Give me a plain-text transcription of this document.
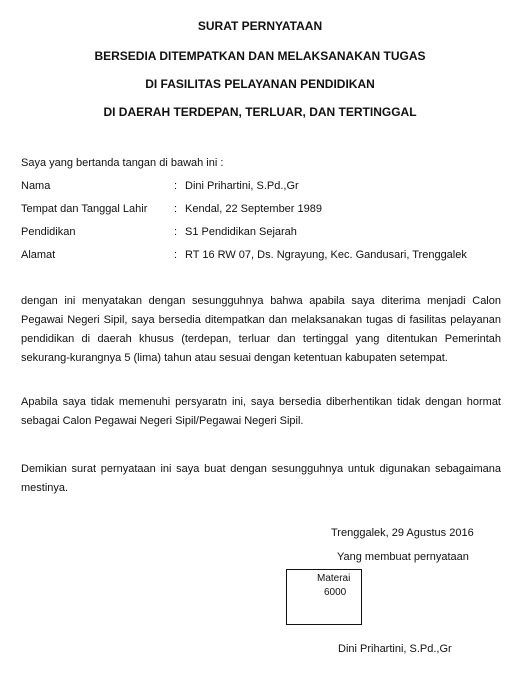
SURAT PERNYATAAN
BERSEDIA DITEMPATKAN DAN MELAKSANAKAN TUGAS
DI FASILITAS PELAYANAN PENDIDIKAN
DI DAERAH TERDEPAN, TERLUAR, DAN TERTINGGAL
Saya yang bertanda tangan di bawah ini :
Nama	: Dini Prihartini, S.Pd.,Gr
Tempat dan Tanggal Lahir : Kendal, 22 September 1989
Pendidikan	: S1 Pendidikan Sejarah
Alamat	: RT 16 RW 07, Ds. Ngrayung, Kec. Gandusari, Trenggalek
dengan ini menyatakan dengan sesungguhnya bahwa apabila saya diterima menjadi Calon Pegawai Negeri Sipil, saya bersedia ditempatkan dan melaksanakan tugas di fasilitas pelayanan pendidikan di daerah khusus (terdepan, terluar dan tertinggal yang ditentukan Pemerintah sekurang-kurangnya 5 (lima) tahun atau sesuai dengan ketentuan kabupaten setempat.
Apabila saya tidak memenuhi persyaratn ini, saya bersedia diberhentikan tidak dengan hormat sebagai Calon Pegawai Negeri Sipil/Pegawai Negeri Sipil.
Demikian surat pernyataan ini saya buat dengan sesungguhnya untuk digunakan sebagaimana mestinya.
Trenggalek, 29 Agustus 2016
Yang membuat pernyataan
Materai
6000
Dini Prihartini, S.Pd.,Gr
